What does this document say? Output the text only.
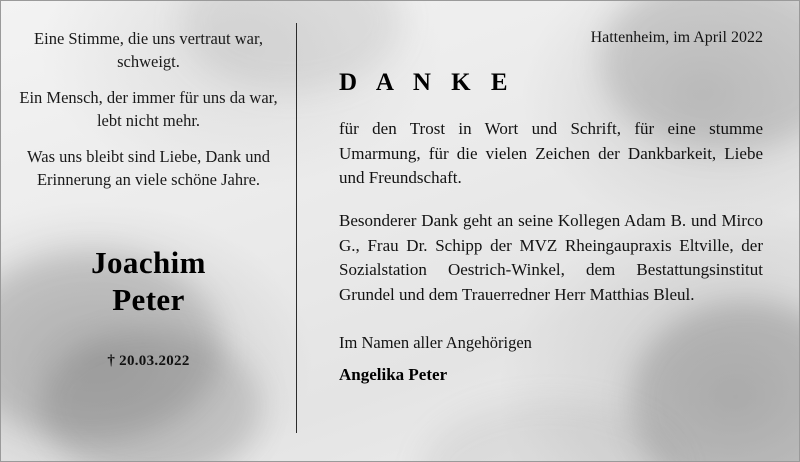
Eine Stimme, die uns vertraut war, schweigt.

Ein Mensch, der immer für uns da war, lebt nicht mehr.

Was uns bleibt sind Liebe, Dank und Erinnerung an viele schöne Jahre.

Joachim
Peter
† 20.03.2022
Hattenheim, im April 2022
D A N K E

für den Trost in Wort und Schrift, für eine stumme Umarmung, für die vielen Zeichen der Dankbarkeit, Liebe und Freundschaft.

Besonderer Dank geht an seine Kollegen Adam B. und Mirco G., Frau Dr. Schipp der MVZ Rheingaupraxis Eltville, der Sozialstation Oestrich-Winkel, dem Bestattungsinstitut Grundel und dem Trauerredner Herr Matthias Bleul.

Im Namen aller Angehörigen
Angelika Peter
